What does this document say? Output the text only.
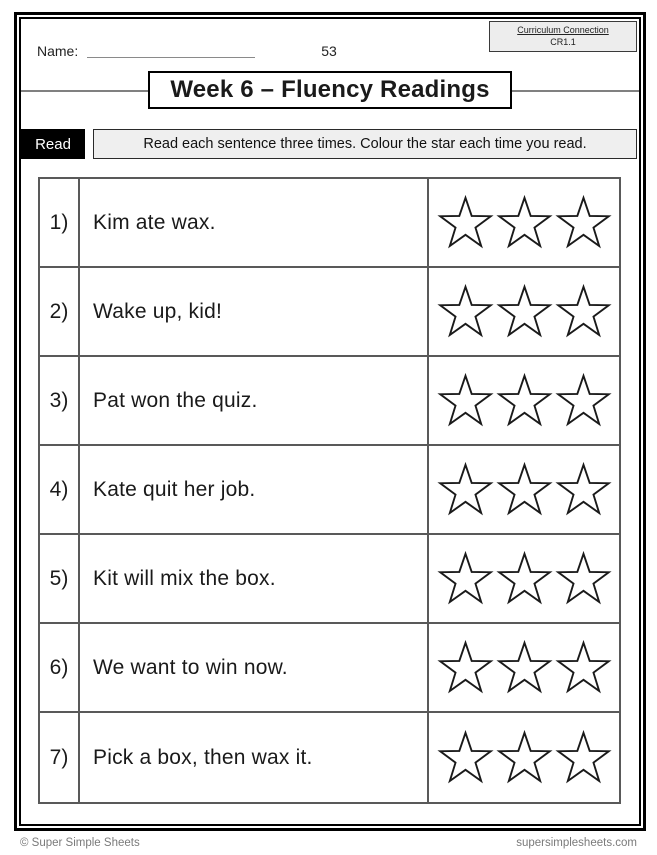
Name:	53
Curriculum Connection
CR1.1
Week 6 – Fluency Readings
Read	Read each sentence three times. Colour the star each time you read.
1)	Kim ate wax.
2)	Wake up, kid!
3)	Pat won the quiz.
4)	Kate quit her job.
5)	Kit will mix the box.
6)	We want to win now.
7)	Pick a box, then wax it.
© Super Simple Sheets	supersimplesheets.com
